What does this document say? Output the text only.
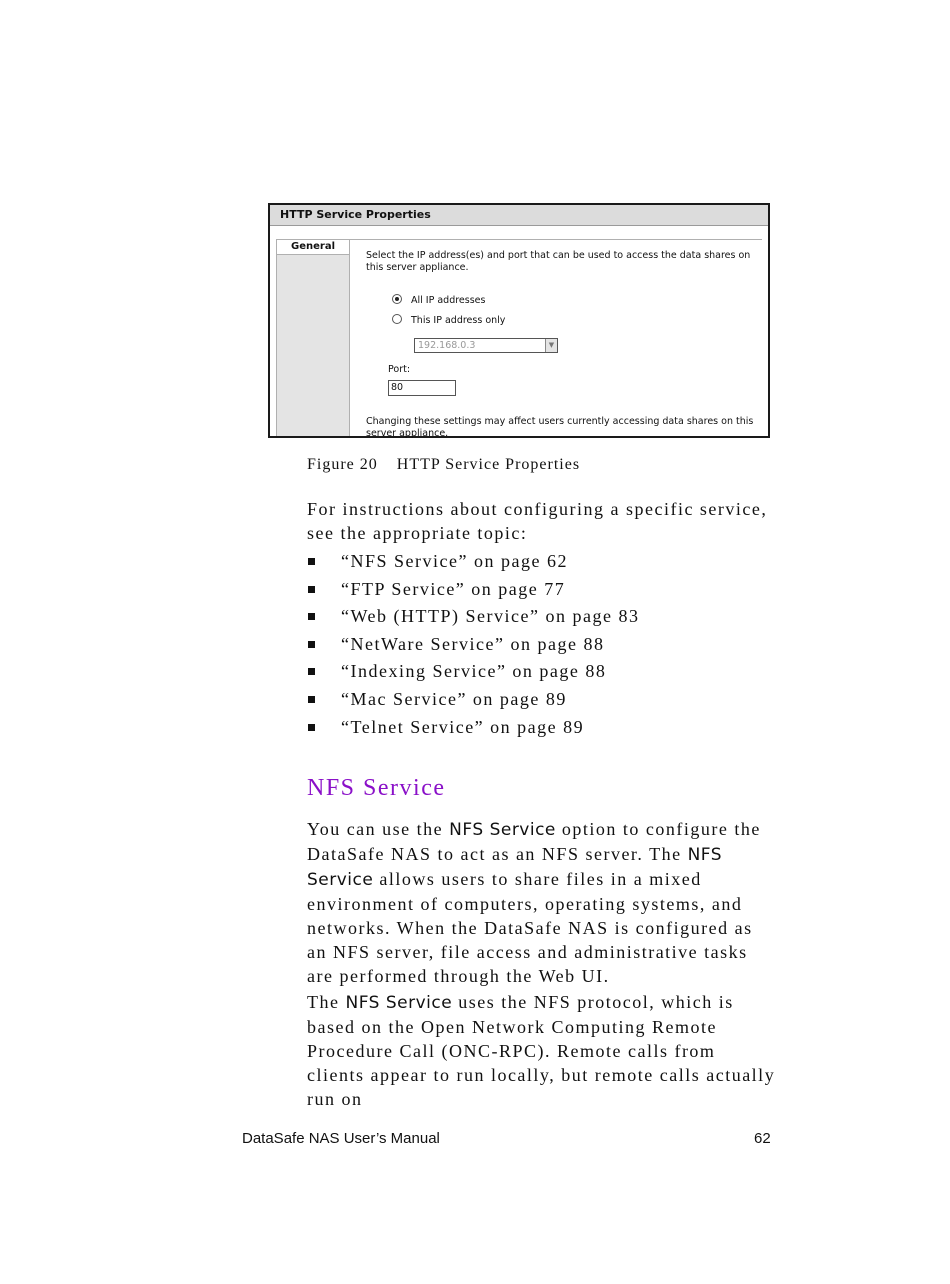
HTTP Service Properties
General

Select the IP address(es) and port that can be used to access the data shares on this server appliance.

All IP addresses
This IP address only
192.168.0.3	▼
Port:
80

Changing these settings may affect users currently accessing data shares on this server appliance.

Figure 20 HTTP Service Properties

For instructions about configuring a specific service, see the appropriate topic:

“NFS Service” on page 62
“FTP Service” on page 77
“Web (HTTP) Service” on page 83
“NetWare Service” on page 88
“Indexing Service” on page 88
“Mac Service” on page 89
“Telnet Service” on page 89
NFS Service

You can use the NFS Service option to configure the DataSafe NAS to act as an NFS server. The NFS Service allows users to share files in a mixed environment of computers, operating systems, and networks. When the DataSafe NAS is configured as an NFS server, file access and administrative tasks are performed through the Web UI.

The NFS Service uses the NFS protocol, which is based on the Open Network Computing Remote Procedure Call (ONC-RPC). Remote calls from clients appear to run locally, but remote calls actually run on

DataSafe NAS User’s Manual	62
